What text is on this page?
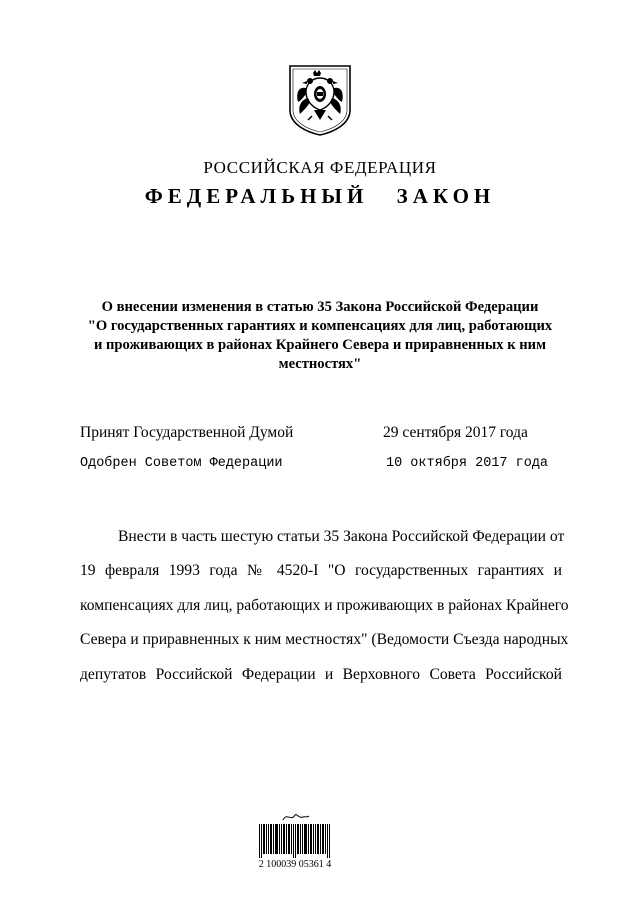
РОССИЙСКАЯ ФЕДЕРАЦИЯ
ФЕДЕРАЛЬНЫЙ ЗАКОН
О внесении изменения в статью 35 Закона Российской Федерации
"О государственных гарантиях и компенсациях для лиц, работающих
и проживающих в районах Крайнего Севера и приравненных к ним
местностях"
Принят Государственной Думой	29 сентября 2017 года
Одобрен Советом Федерации	10 октября 2017 года
Внести в часть шестую статьи 35 Закона Российской Федерации от
19 февраля 1993 года № 4520-I "О государственных гарантиях и
компенсациях для лиц, работающих и проживающих в районах Крайнего
Севера и приравненных к ним местностях" (Ведомости Съезда народных
депутатов Российской Федерации и Верховного Совета Российской
2 100039 05361 4
